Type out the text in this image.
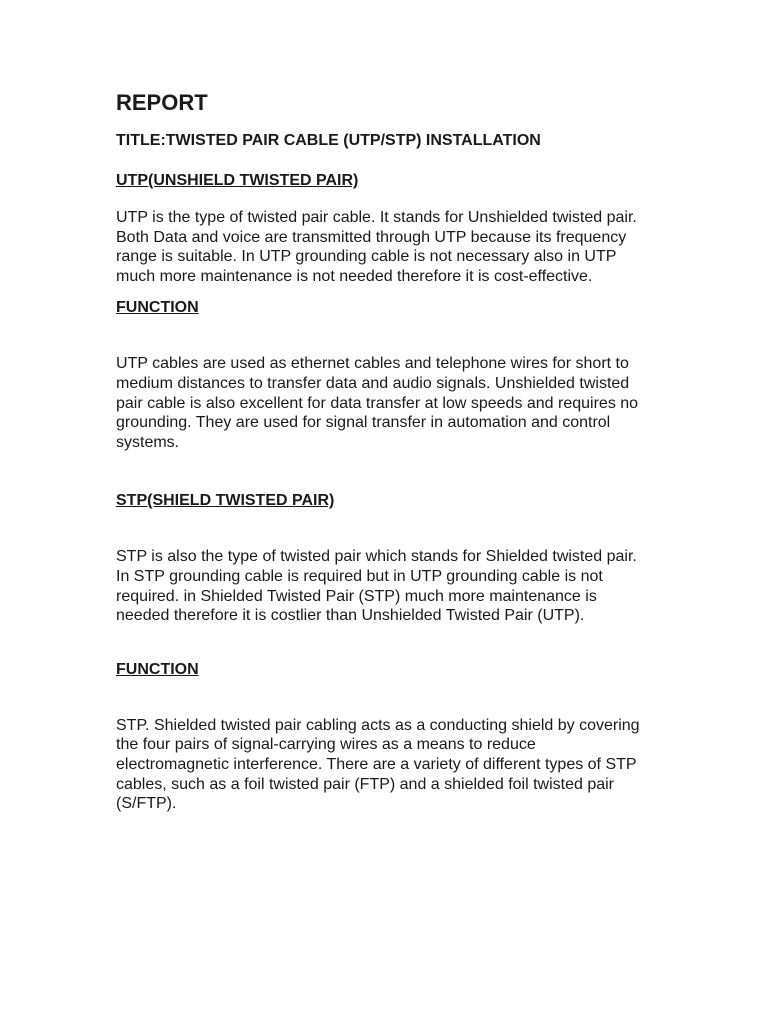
REPORT
TITLE:TWISTED PAIR CABLE (UTP/STP) INSTALLATION
UTP(UNSHIELD TWISTED PAIR)

UTP is the type of twisted pair cable. It stands for Unshielded twisted pair. Both Data and voice are transmitted through UTP because its frequency range is suitable. In UTP grounding cable is not necessary also in UTP much more maintenance is not needed therefore it is cost-effective.

FUNCTION

UTP cables are used as ethernet cables and telephone wires for short to medium distances to transfer data and audio signals. Unshielded twisted pair cable is also excellent for data transfer at low speeds and requires no grounding. They are used for signal transfer in automation and control systems.

STP(SHIELD TWISTED PAIR)

STP is also the type of twisted pair which stands for Shielded twisted pair. In STP grounding cable is required but in UTP grounding cable is not required. in Shielded Twisted Pair (STP) much more maintenance is needed therefore it is costlier than Unshielded Twisted Pair (UTP).

FUNCTION

STP. Shielded twisted pair cabling acts as a conducting shield by covering the four pairs of signal-carrying wires as a means to reduce electromagnetic interference. There are a variety of different types of STP cables, such as a foil twisted pair (FTP) and a shielded foil twisted pair (S/FTP).
